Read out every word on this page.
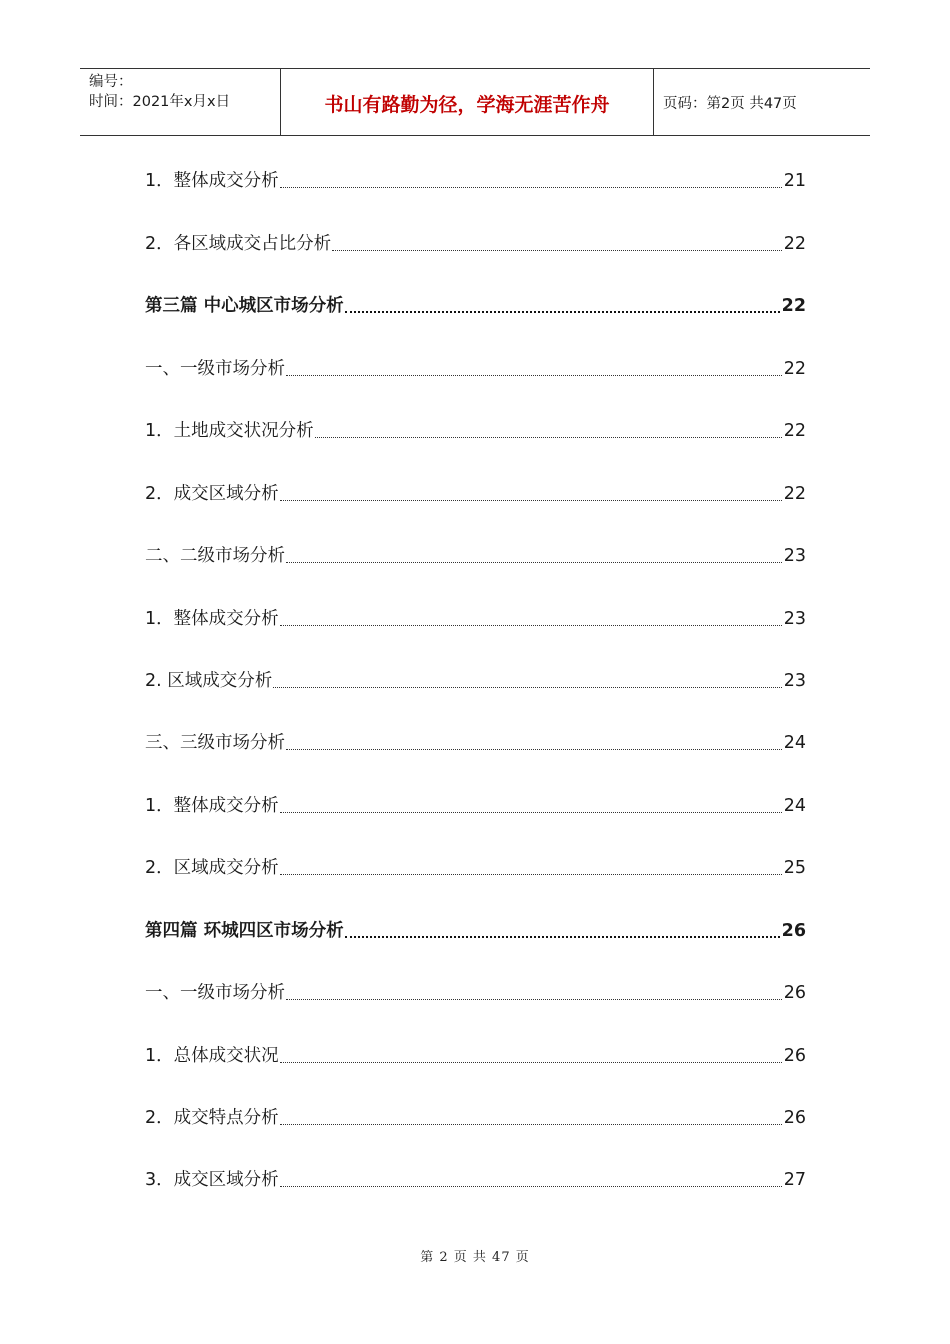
编号：
时间：2021年x月x日	书山有路勤为径，学海无涯苦作舟	页码：第2页 共47页
1．整体成交分析	21
2．各区域成交占比分析	22
第三篇 中心城区市场分析	22
一、一级市场分析	22
1．土地成交状况分析	22
2．成交区域分析	22
二、二级市场分析	23
1．整体成交分析	23
2. 区域成交分析	23
三、三级市场分析	24
1．整体成交分析	24
2．区域成交分析	25
第四篇 环城四区市场分析	26
一、一级市场分析	26
1．总体成交状况	26
2．成交特点分析	26
3．成交区域分析	27
第 2 页 共 47 页
